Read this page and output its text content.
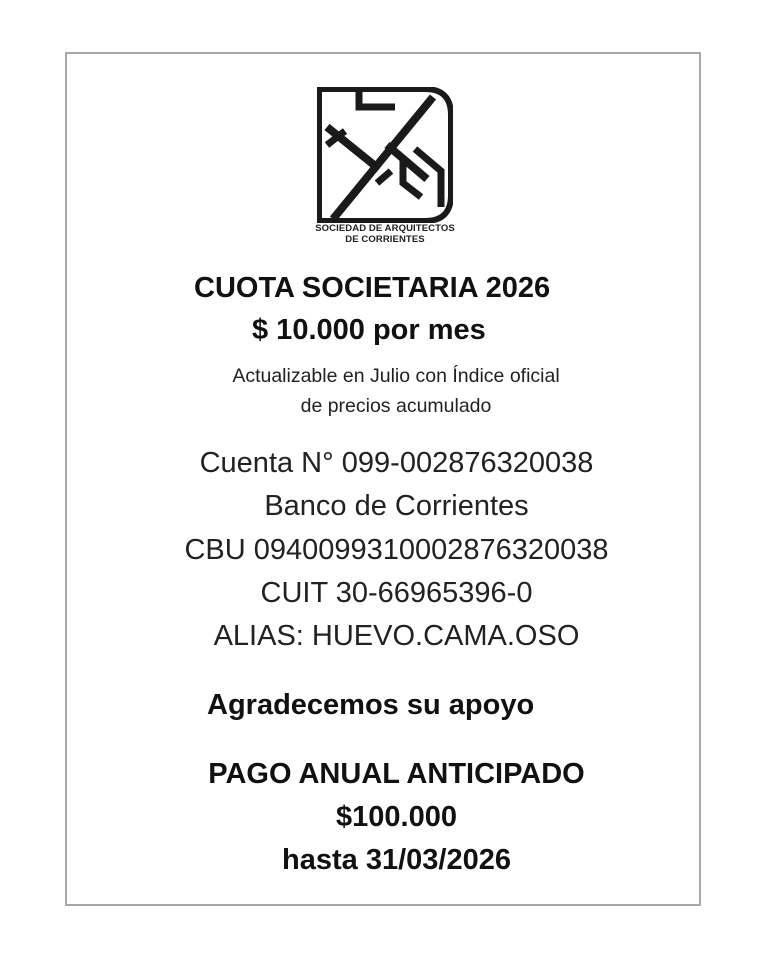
SOCIEDAD DE ARQUITECTOS
DE CORRIENTES
CUOTA SOCIETARIA 2026
$ 10.000 por mes
Actualizable en Julio con Índice oficial
de precios acumulado
Cuenta N° 099-002876320038
Banco de Corrientes
CBU 0940099310002876320038
CUIT 30-66965396-0
ALIAS: HUEVO.CAMA.OSO
Agradecemos su apoyo
PAGO ANUAL ANTICIPADO
$100.000
hasta 31/03/2026
